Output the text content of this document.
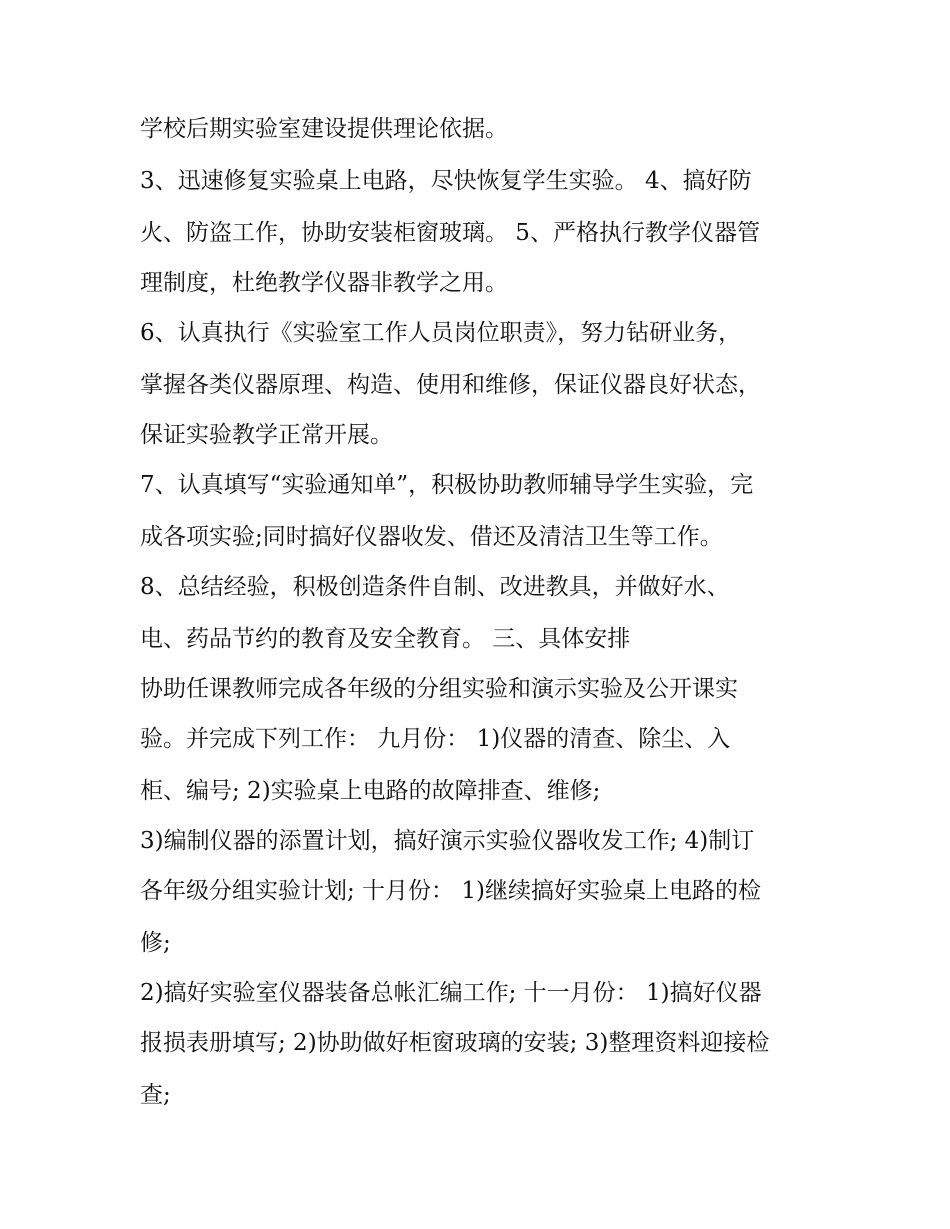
学校后期实验室建设提供理论依据。
3、迅速修复实验桌上电路，尽快恢复学生实验。 4、搞好防
火、防盗工作，协助安装柜窗玻璃。 5、严格执行教学仪器管
理制度，杜绝教学仪器非教学之用。
6、认真执行《实验室工作人员岗位职责》，努力钻研业务，
掌握各类仪器原理、构造、使用和维修，保证仪器良好状态，
保证实验教学正常开展。
7、认真填写“实验通知单”，积极协助教师辅导学生实验，完
成各项实验;同时搞好仪器收发、借还及清洁卫生等工作。
8、总结经验，积极创造条件自制、改进教具，并做好水、
电、药品节约的教育及安全教育。 三、具体安排
协助任课教师完成各年级的分组实验和演示实验及公开课实
验。并完成下列工作： 九月份： 1)仪器的清查、除尘、入
柜、编号; 2)实验桌上电路的故障排查、维修;
3)编制仪器的添置计划，搞好演示实验仪器收发工作; 4)制订
各年级分组实验计划; 十月份： 1)继续搞好实验桌上电路的检
修;
2)搞好实验室仪器装备总帐汇编工作; 十一月份： 1)搞好仪器
报损表册填写; 2)协助做好柜窗玻璃的安装; 3)整理资料迎接检
查;
